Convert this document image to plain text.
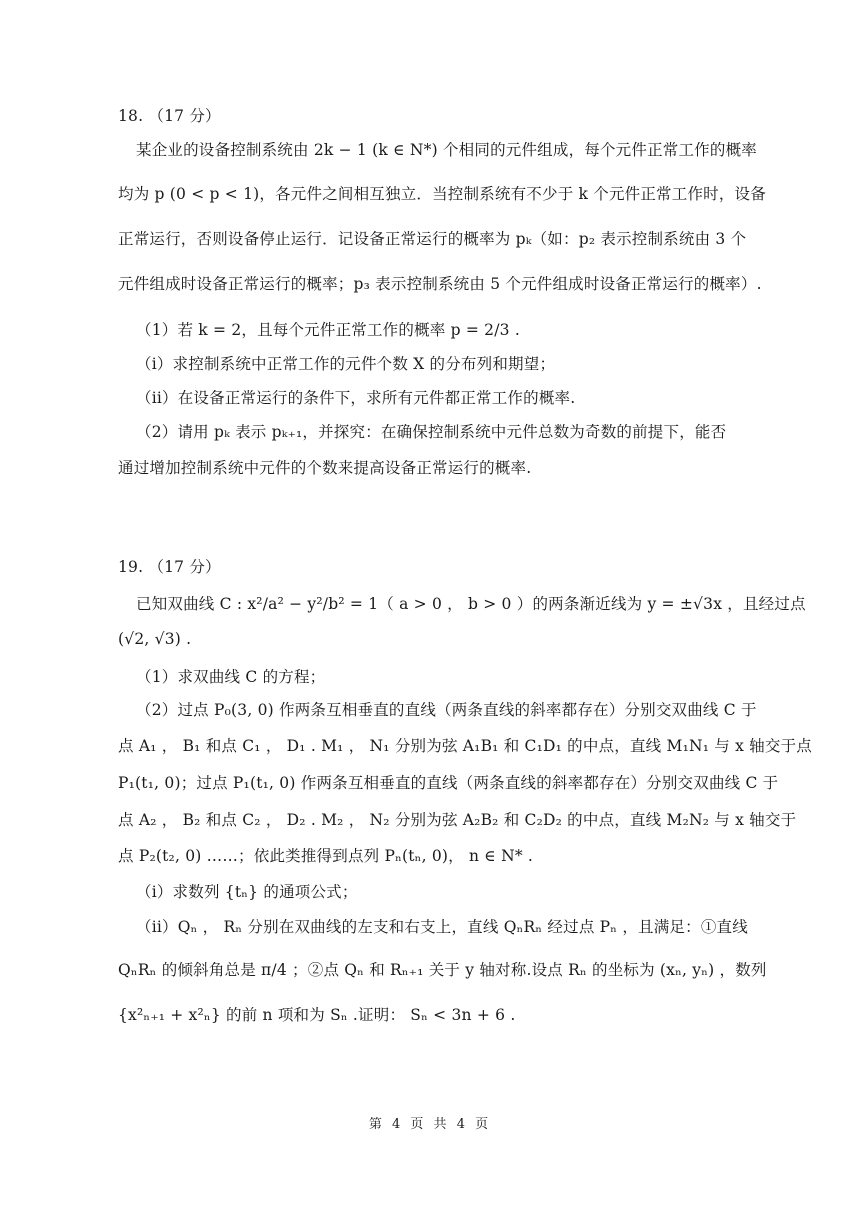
18. （17 分）
某企业的设备控制系统由 2k − 1 (k ∈ N*) 个相同的元件组成，每个元件正常工作的概率
均为 p (0 < p < 1)，各元件之间相互独立．当控制系统有不少于 k 个元件正常工作时，设备
正常运行，否则设备停止运行．记设备正常运行的概率为 pₖ（如：p₂ 表示控制系统由 3 个
元件组成时设备正常运行的概率；p₃ 表示控制系统由 5 个元件组成时设备正常运行的概率）.
（1）若 k = 2，且每个元件正常工作的概率 p = 2/3 .
（i）求控制系统中正常工作的元件个数 X 的分布列和期望；
（ii）在设备正常运行的条件下，求所有元件都正常工作的概率.
（2）请用 pₖ 表示 pₖ₊₁，并探究：在确保控制系统中元件总数为奇数的前提下，能否
通过增加控制系统中元件的个数来提高设备正常运行的概率.
19. （17 分）
已知双曲线 C : x²/a² − y²/b² = 1（ a > 0 ， b > 0 ）的两条渐近线为 y = ±√3x ，且经过点
(√2, √3) .
（1）求双曲线 C 的方程；
（2）过点 P₀(3, 0) 作两条互相垂直的直线（两条直线的斜率都存在）分别交双曲线 C 于
点 A₁ ， B₁ 和点 C₁ ， D₁ . M₁ ， N₁ 分别为弦 A₁B₁ 和 C₁D₁ 的中点，直线 M₁N₁ 与 x 轴交于点
P₁(t₁, 0)；过点 P₁(t₁, 0) 作两条互相垂直的直线（两条直线的斜率都存在）分别交双曲线 C 于
点 A₂ ， B₂ 和点 C₂ ， D₂ . M₂ ， N₂ 分别为弦 A₂B₂ 和 C₂D₂ 的中点，直线 M₂N₂ 与 x 轴交于
点 P₂(t₂, 0) ……；依此类推得到点列 Pₙ(tₙ, 0)， n ∈ N* .
（i）求数列 {tₙ} 的通项公式；
（ii）Qₙ ， Rₙ 分别在双曲线的左支和右支上，直线 QₙRₙ 经过点 Pₙ ，且满足：①直线
QₙRₙ 的倾斜角总是 π/4 ；②点 Qₙ 和 Rₙ₊₁ 关于 y 轴对称.设点 Rₙ 的坐标为 (xₙ, yₙ) ，数列
{x²ₙ₊₁ + x²ₙ} 的前 n 项和为 Sₙ .证明： Sₙ < 3n + 6 .
第 4 页 共 4 页
